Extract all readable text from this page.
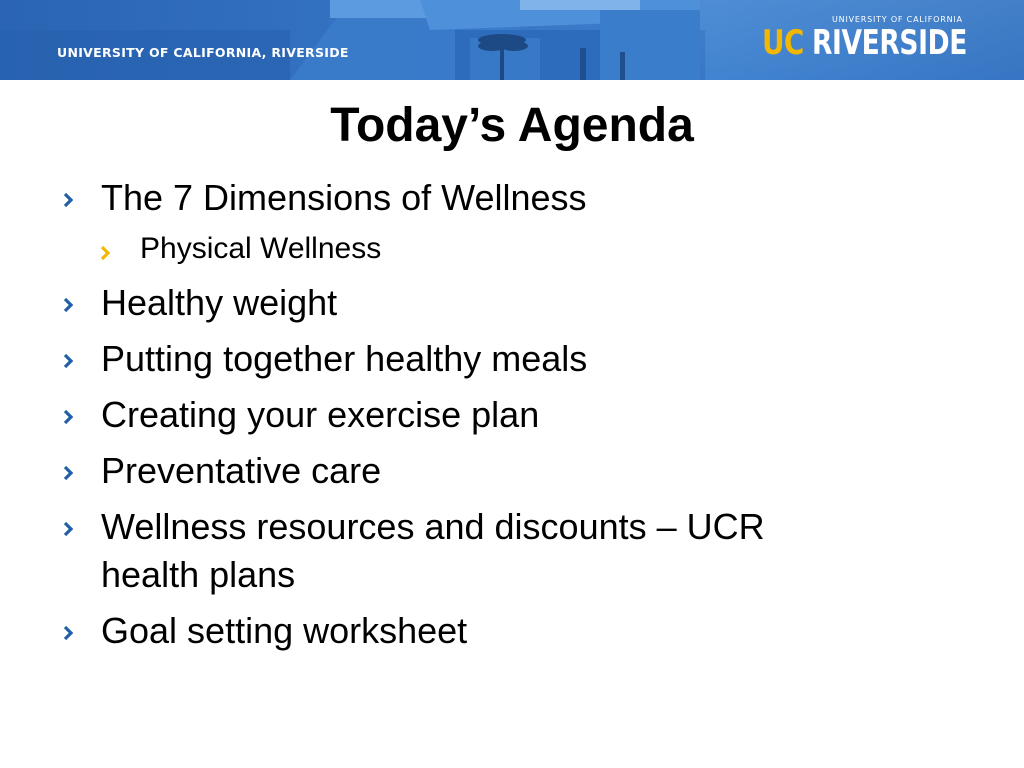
UNIVERSITY OF CALIFORNIA, RIVERSIDE
UNIVERSITY OF CALIFORNIA
UC RIVERSIDE
Today’s Agenda
The 7 Dimensions of Wellness
Physical Wellness
Healthy weight
Putting together healthy meals
Creating your exercise plan
Preventative care
Wellness resources and discounts – UCR
health plans
Goal setting worksheet
